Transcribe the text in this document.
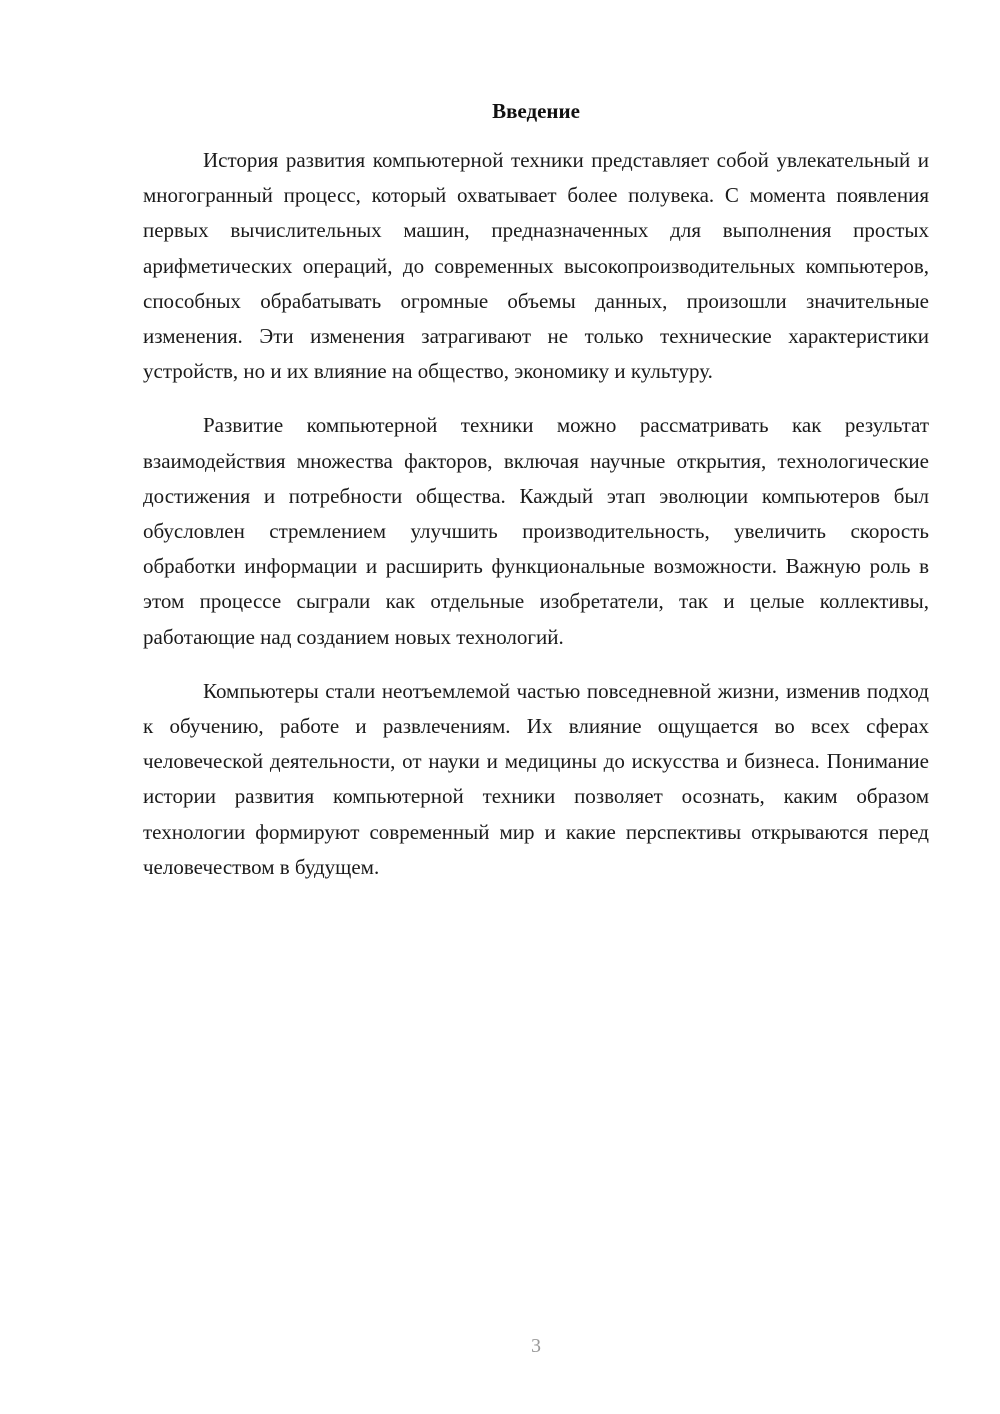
Введение

История развития компьютерной техники представляет собой увлекательный и многогранный процесс, который охватывает более полувека. С момента появления первых вычислительных машин, предназначенных для выполнения простых арифметических операций, до современных высокопроизводительных компьютеров, способных обрабатывать огромные объемы данных, произошли значительные изменения. Эти изменения затрагивают не только технические характеристики устройств, но и их влияние на общество, экономику и культуру.

Развитие компьютерной техники можно рассматривать как результат взаимодействия множества факторов, включая научные открытия, технологические достижения и потребности общества. Каждый этап эволюции компьютеров был обусловлен стремлением улучшить производительность, увеличить скорость обработки информации и расширить функциональные возможности. Важную роль в этом процессе сыграли как отдельные изобретатели, так и целые коллективы, работающие над созданием новых технологий.

Компьютеры стали неотъемлемой частью повседневной жизни, изменив подход к обучению, работе и развлечениям. Их влияние ощущается во всех сферах человеческой деятельности, от науки и медицины до искусства и бизнеса. Понимание истории развития компьютерной техники позволяет осознать, каким образом технологии формируют современный мир и какие перспективы открываются перед человечеством в будущем.

3
